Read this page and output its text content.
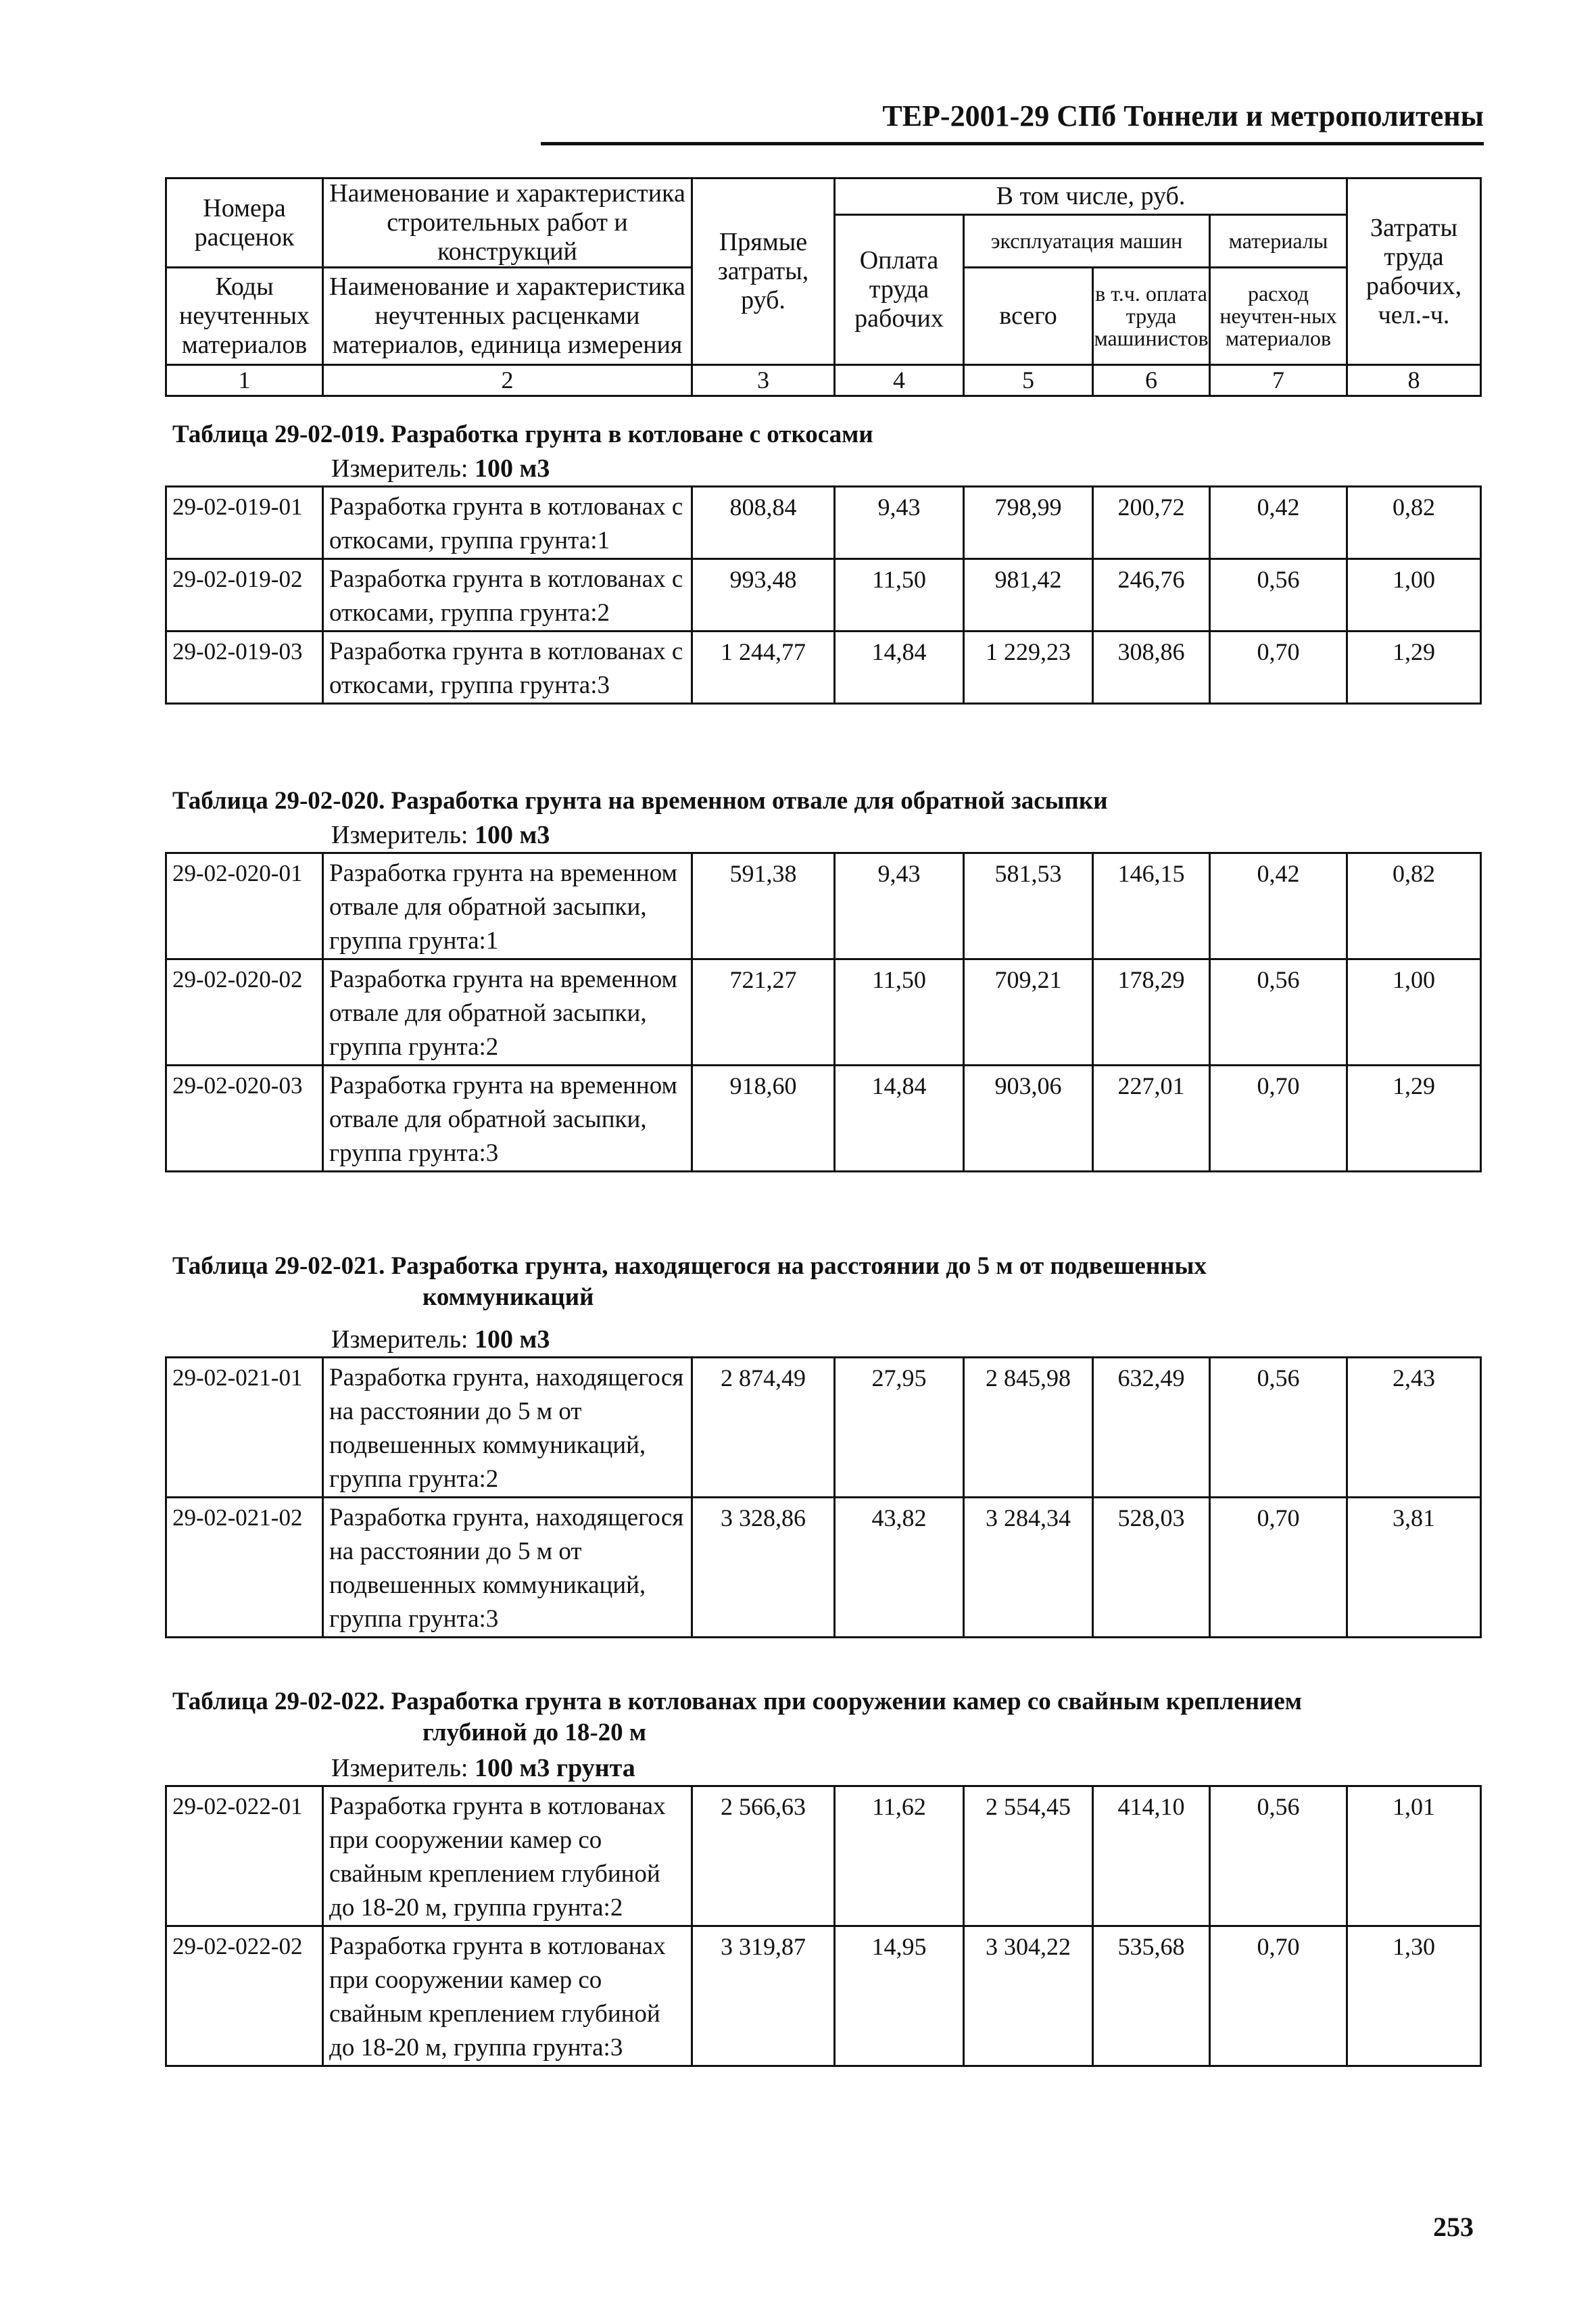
ТЕР-2001-29 СПб Тоннели и метрополитены
Номера расценок	Наименование и характеристика строительных работ и конструкций	Прямые затраты, руб.	В том числе, руб.				Затраты труда рабочих, чел.-ч.
			Оплата труда рабочих	эксплуатация машин		материалы	
Коды неучтенных материалов	Наименование и характеристика неучтенных расценками материалов, единица измерения			всего	в т.ч. оплата труда машинистов	расход неучтен-ных материалов	

1	2	3	4	5	6	7	8
Таблица 29-02-019. Разработка грунта в котловане с откосами
Измеритель: 100 м3
29-02-019-01	Разработка грунта в котлованах с откосами, группа грунта:1	808,84	9,43	798,99	200,72	0,42	0,82
29-02-019-02	Разработка грунта в котлованах с откосами, группа грунта:2	993,48	11,50	981,42	246,76	0,56	1,00
29-02-019-03	Разработка грунта в котлованах с откосами, группа грунта:3	1 244,77	14,84	1 229,23	308,86	0,70	1,29
Таблица 29-02-020. Разработка грунта на временном отвале для обратной засыпки
Измеритель: 100 м3
29-02-020-01	Разработка грунта на временном отвале для обратной засыпки, группа грунта:1	591,38	9,43	581,53	146,15	0,42	0,82
29-02-020-02	Разработка грунта на временном отвале для обратной засыпки, группа грунта:2	721,27	11,50	709,21	178,29	0,56	1,00
29-02-020-03	Разработка грунта на временном отвале для обратной засыпки, группа грунта:3	918,60	14,84	903,06	227,01	0,70	1,29
Таблица 29-02-021. Разработка грунта, находящегося на расстоянии до 5 м от подвешенных
коммуникаций
Измеритель: 100 м3
29-02-021-01	Разработка грунта, находящегося на расстоянии до 5 м от подвешенных коммуникаций, группа грунта:2	2 874,49	27,95	2 845,98	632,49	0,56	2,43
29-02-021-02	Разработка грунта, находящегося на расстоянии до 5 м от подвешенных коммуникаций, группа грунта:3	3 328,86	43,82	3 284,34	528,03	0,70	3,81
Таблица 29-02-022. Разработка грунта в котлованах при сооружении камер со свайным креплением
глубиной до 18-20 м
Измеритель: 100 м3 грунта
29-02-022-01	Разработка грунта в котлованах при сооружении камер со свайным креплением глубиной до 18-20 м, группа грунта:2	2 566,63	11,62	2 554,45	414,10	0,56	1,01
29-02-022-02	Разработка грунта в котлованах при сооружении камер со свайным креплением глубиной до 18-20 м, группа грунта:3	3 319,87	14,95	3 304,22	535,68	0,70	1,30
253
